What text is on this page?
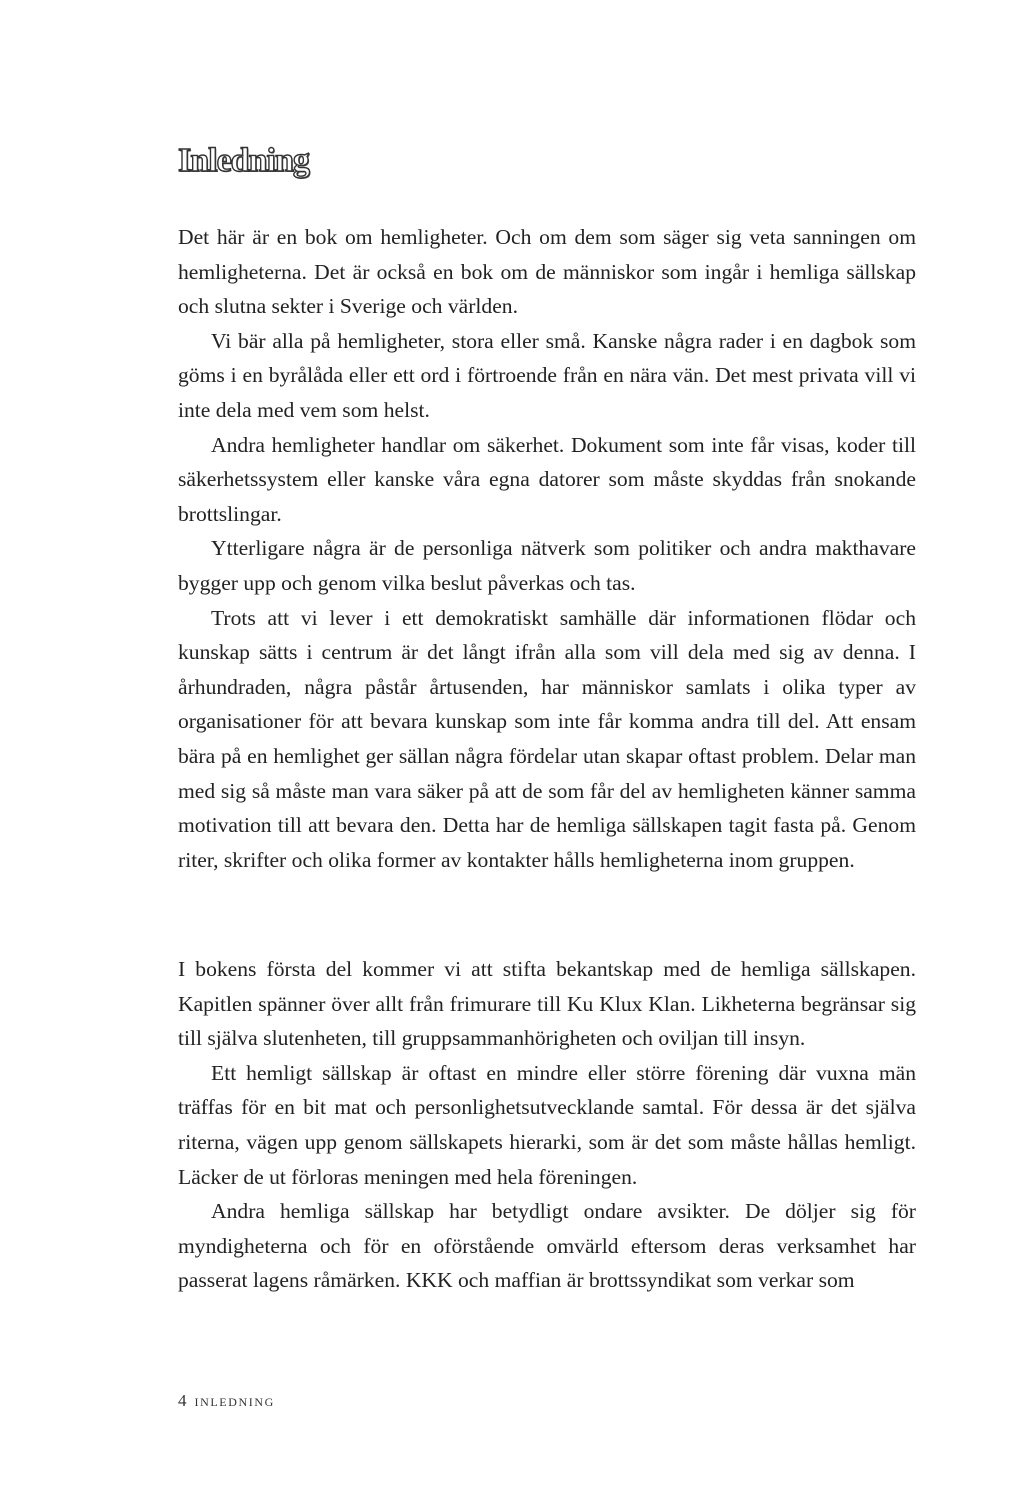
Inledning

Det här är en bok om hemligheter. Och om dem som säger sig veta sanningen om hemligheterna. Det är också en bok om de människor som ingår i hemliga sällskap och slutna sekter i Sverige och världen.

Vi bär alla på hemligheter, stora eller små. Kanske några rader i en dagbok som göms i en byrålåda eller ett ord i förtroende från en nära vän. Det mest privata vill vi inte dela med vem som helst.

Andra hemligheter handlar om säkerhet. Dokument som inte får visas, koder till säkerhetssystem eller kanske våra egna datorer som måste skyddas från snokande brottslingar.

Ytterligare några är de personliga nätverk som politiker och andra makthavare bygger upp och genom vilka beslut påverkas och tas.

Trots att vi lever i ett demokratiskt samhälle där informationen flödar och kunskap sätts i centrum är det långt ifrån alla som vill dela med sig av denna. I århundraden, några påstår årtusenden, har människor samlats i olika typer av organisationer för att bevara kunskap som inte får komma andra till del. Att ensam bära på en hemlighet ger sällan några fördelar utan skapar oftast problem. Delar man med sig så måste man vara säker på att de som får del av hemligheten känner samma motivation till att bevara den. Detta har de hemliga sällskapen tagit fasta på. Genom riter, skrifter och olika former av kontakter hålls hemligheterna inom gruppen.

I bokens första del kommer vi att stifta bekantskap med de hemliga sällskapen. Kapitlen spänner över allt från frimurare till Ku Klux Klan. Likheterna begränsar sig till själva slutenheten, till gruppsammanhörigheten och oviljan till insyn.

Ett hemligt sällskap är oftast en mindre eller större förening där vuxna män träffas för en bit mat och personlighetsutvecklande samtal. För dessa är det själva riterna, vägen upp genom sällskapets hierarki, som är det som måste hållas hemligt. Läcker de ut förloras meningen med hela föreningen.

Andra hemliga sällskap har betydligt ondare avsikter. De döljer sig för myndigheterna och för en oförstående omvärld eftersom deras verksamhet har passerat lagens råmärken. KKK och maffian är brottssyndikat som verkar som

4 inledning
